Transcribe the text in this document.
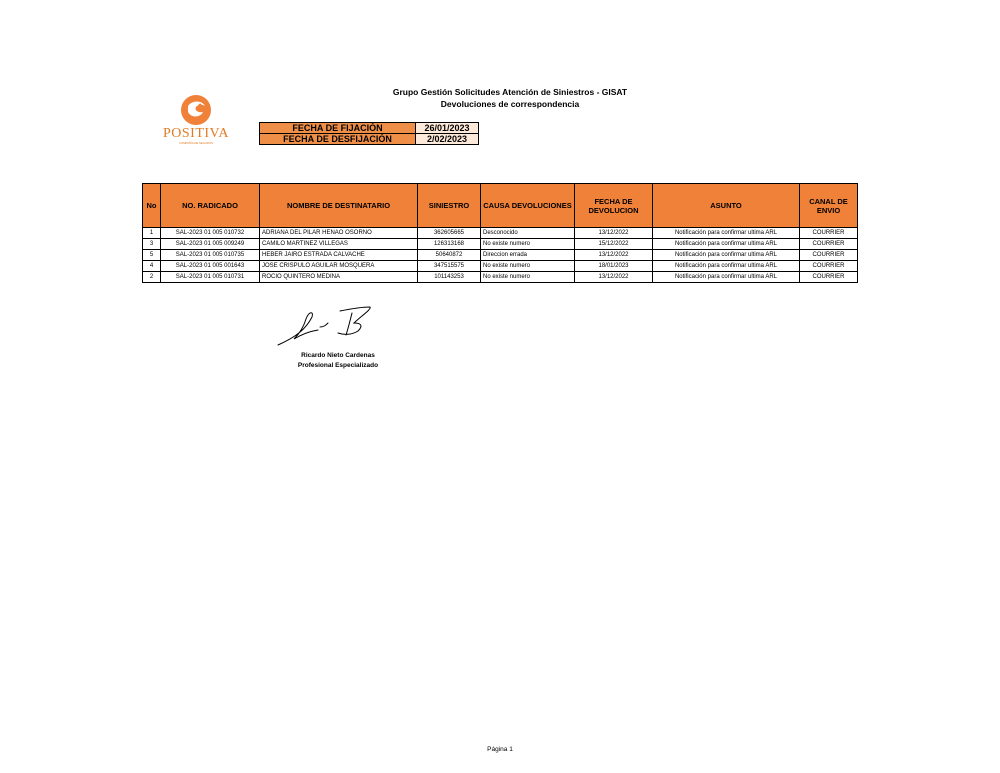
Grupo Gestión Solicitudes Atención de Siniestros - GISAT
Devoluciones de correspondencia
POSITIVA
COMPAÑÍA DE SEGUROS
FECHA DE FIJACIÓN	26/01/2023
FECHA DE DESFIJACIÓN	2/02/2023
No	NO. RADICADO	NOMBRE DE DESTINATARIO	SINIESTRO	CAUSA DEVOLUCIONES	FECHA DE DEVOLUCION	ASUNTO	CANAL DE ENVIO
1	SAL-2023 01 005 010732	ADRIANA DEL PILAR HENAO OSORNO	362605665	Desconocido	13/12/2022	Notificación para confirmar ultima ARL	COURRIER
3	SAL-2023 01 005 009249	CAMILO MARTINEZ VILLEGAS	126313168	No existe numero	15/12/2022	Notificación para confirmar ultima ARL	COURRIER
5	SAL-2023 01 005 010735	HEBER JAIRO ESTRADA CALVACHE	50640872	Direccion errada	13/12/2022	Notificación para confirmar ultima ARL	COURRIER
4	SAL-2023 01 005 001643	JOSE CRISPULO AGUILAR MOSQUERA	347515575	No existe numero	18/01/2023	Notificación para confirmar ultima ARL	COURRIER
2	SAL-2023 01 005 010731	ROCIO QUINTERO MEDINA	101143253	No existe numero	13/12/2022	Notificación para confirmar ultima ARL	COURRIER
Ricardo Nieto Cardenas
Profesional Especializado
Página 1
